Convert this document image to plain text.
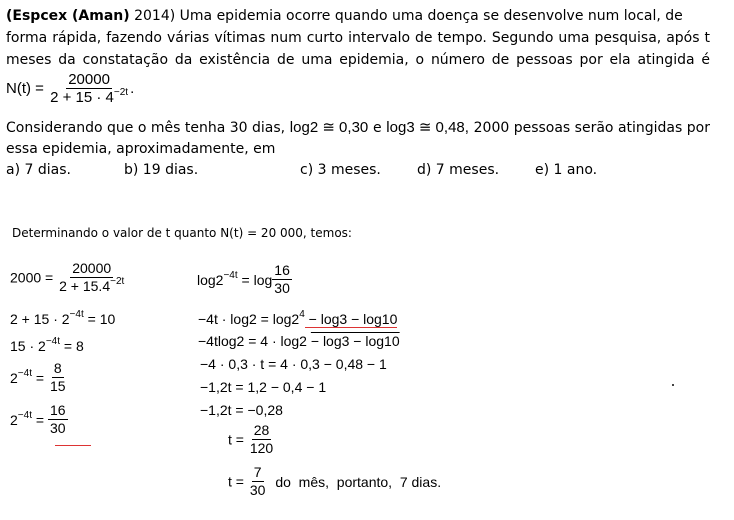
(Espcex (Aman) 2014) Uma epidemia ocorre quando uma doença se desenvolve num local, de
forma rápida, fazendo várias vítimas num curto intervalo de tempo. Segundo uma pesquisa, após t
meses da constatação da existência de uma epidemia, o número de pessoas por ela atingida é
$N(t) = \frac{20000}{2 + 15 \cdot 4^{-2t}}$ .
Considerando que o mês tenha 30 dias, log2 ≅ 0,30 e log3 ≅ 0,48, 2000 pessoas serão atingidas por
essa epidemia, aproximadamente, em
a) 7 dias.	b) 19 dias.	c) 3 meses.	d) 7 meses.	e) 1 ano.
Determinando o valor de t quanto N(t) = 20 000, temos:
$2000 = \frac{20000}{2 + 15.4^{-2t}}$
$2 + 15 \cdot 2^{-4t} = 10$
$15 \cdot 2^{-4t} = 8$
$2^{-4t} = \frac{8}{15}$
$2^{-4t} = \frac{16}{30}$
$\log 2^{-4t} = \log \frac{16}{30}$
$-4t \cdot \log 2 = \log 2^4 - \log 3 - \log 10$
−4tlog2 = 4 · log2 − log3 − log10
−4 · 0,3 · t = 4 · 0,3 − 0,48 − 1
−1,2t = 1,2 − 0,4 − 1
−1,2t = −0,28
$t = \frac{28}{120}$
$t = \frac{7}{30}$ do  mês,  portanto,  7 dias.
